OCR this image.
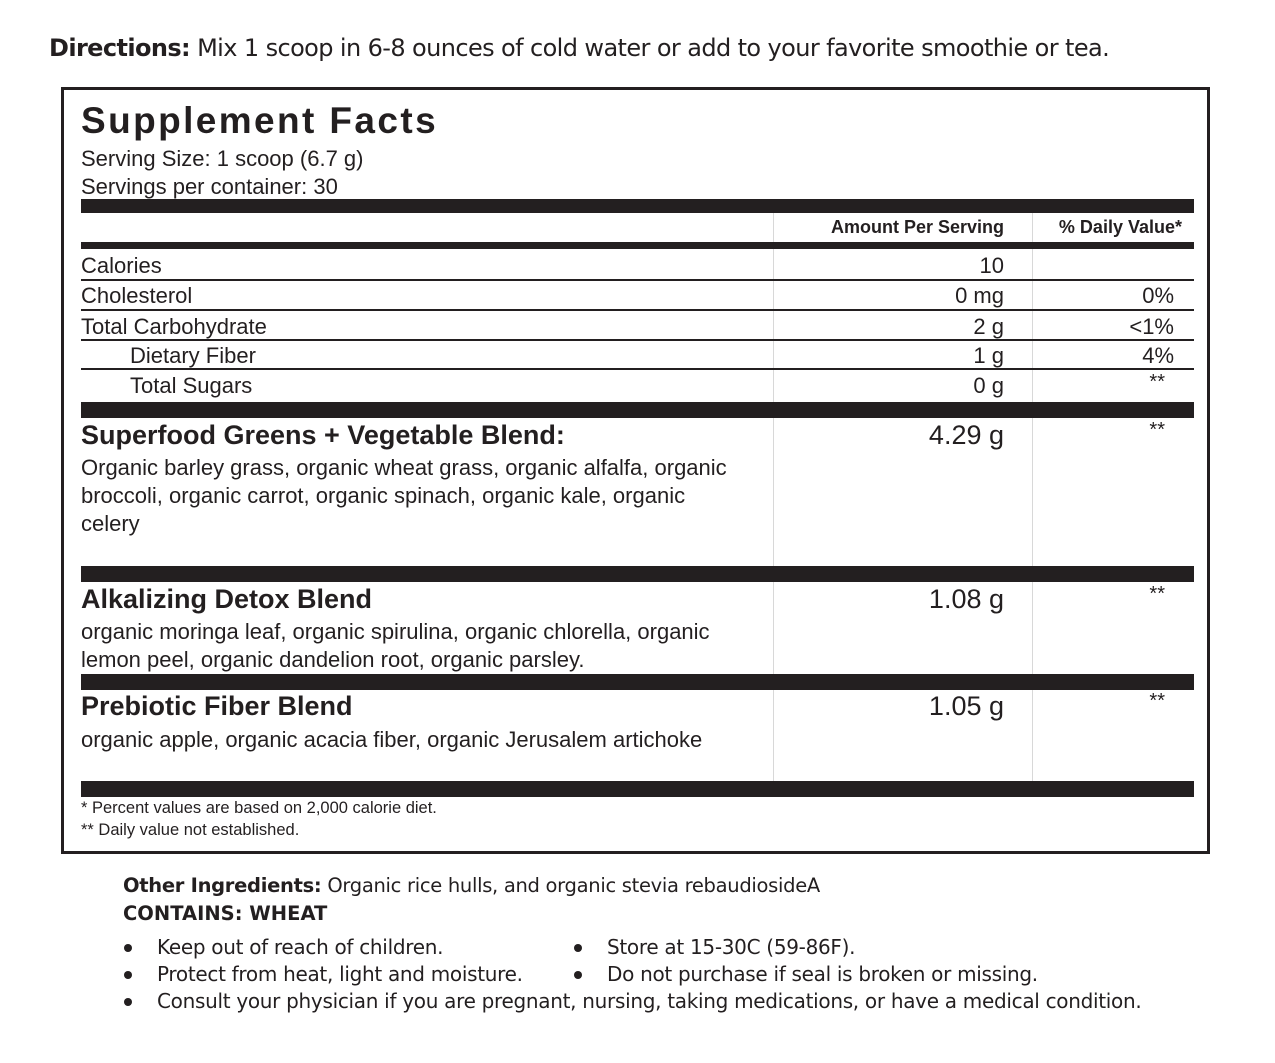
Directions: Mix 1 scoop in 6-8 ounces of cold water or add to your favorite smoothie or tea.
Supplement Facts
Serving Size: 1 scoop (6.7 g)
Servings per container: 30
Amount Per Serving	% Daily Value*
Calories	10
Cholesterol	0 mg	0%
Total Carbohydrate	2 g	<1%
Dietary Fiber	1 g	4%
Total Sugars	0 g	**
Superfood Greens + Vegetable Blend:	4.29 g	**
Organic barley grass, organic wheat grass, organic alfalfa, organic broccoli, organic carrot, organic spinach, organic kale, organic celery
Alkalizing Detox Blend	1.08 g	**
organic moringa leaf, organic spirulina, organic chlorella, organic lemon peel, organic dandelion root, organic parsley.
Prebiotic Fiber Blend	1.05 g	**
organic apple, organic acacia fiber, organic Jerusalem artichoke
* Percent values are based on 2,000 calorie diet.
** Daily value not established.
Other Ingredients: Organic rice hulls, and organic stevia rebaudiosideA
CONTAINS: WHEAT
Keep out of reach of children.	Store at 15-30C (59-86F).
Protect from heat, light and moisture.	Do not purchase if seal is broken or missing.
Consult your physician if you are pregnant, nursing, taking medications, or have a medical condition.
